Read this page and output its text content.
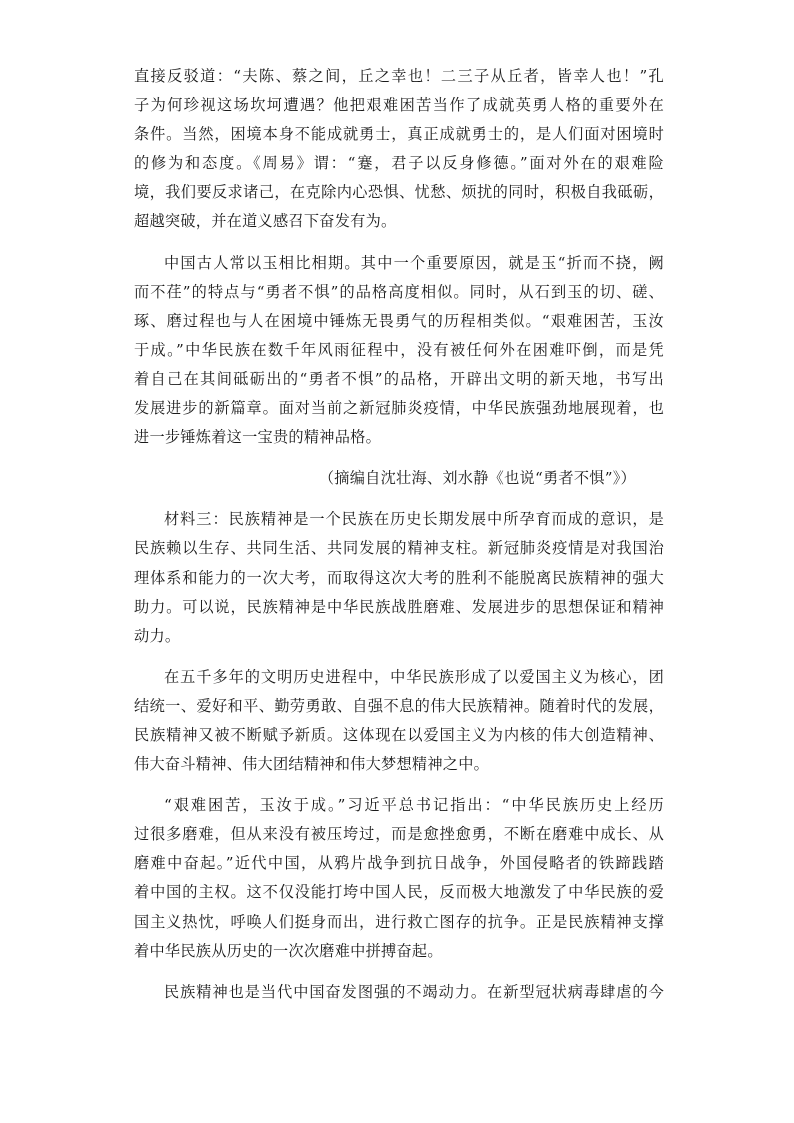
直接反驳道：“夫陈、蔡之间，丘之幸也！二三子从丘者，皆幸人也！”孔
子为何珍视这场坎坷遭遇？他把艰难困苦当作了成就英勇人格的重要外在
条件。当然，困境本身不能成就勇士，真正成就勇士的，是人们面对困境时
的修为和态度。《周易》谓：“蹇，君子以反身修德。”面对外在的艰难险
境，我们要反求诸己，在克除内心恐惧、忧愁、烦扰的同时，积极自我砥砺，
超越突破，并在道义感召下奋发有为。
中国古人常以玉相比相期。其中一个重要原因，就是玉“折而不挠，阙
而不荏”的特点与“勇者不惧”的品格高度相似。同时，从石到玉的切、磋、
琢、磨过程也与人在困境中锤炼无畏勇气的历程相类似。“艰难困苦，玉汝
于成。”中华民族在数千年风雨征程中，没有被任何外在困难吓倒，而是凭
着自己在其间砥砺出的“勇者不惧”的品格，开辟出文明的新天地，书写出
发展进步的新篇章。面对当前之新冠肺炎疫情，中华民族强劲地展现着，也
进一步锤炼着这一宝贵的精神品格。
（摘编自沈壮海、刘水静《也说“勇者不惧”》）
材料三：民族精神是一个民族在历史长期发展中所孕育而成的意识，是
民族赖以生存、共同生活、共同发展的精神支柱。新冠肺炎疫情是对我国治
理体系和能力的一次大考，而取得这次大考的胜利不能脱离民族精神的强大
助力。可以说，民族精神是中华民族战胜磨难、发展进步的思想保证和精神
动力。
在五千多年的文明历史进程中，中华民族形成了以爱国主义为核心，团
结统一、爱好和平、勤劳勇敢、自强不息的伟大民族精神。随着时代的发展，
民族精神又被不断赋予新质。这体现在以爱国主义为内核的伟大创造精神、
伟大奋斗精神、伟大团结精神和伟大梦想精神之中。
“艰难困苦，玉汝于成。”习近平总书记指出：“中华民族历史上经历
过很多磨难，但从来没有被压垮过，而是愈挫愈勇，不断在磨难中成长、从
磨难中奋起。”近代中国，从鸦片战争到抗日战争，外国侵略者的铁蹄践踏
着中国的主权。这不仅没能打垮中国人民，反而极大地激发了中华民族的爱
国主义热忱，呼唤人们挺身而出，进行救亡图存的抗争。正是民族精神支撑
着中华民族从历史的一次次磨难中拼搏奋起。
民族精神也是当代中国奋发图强的不竭动力。在新型冠状病毒肆虐的今
